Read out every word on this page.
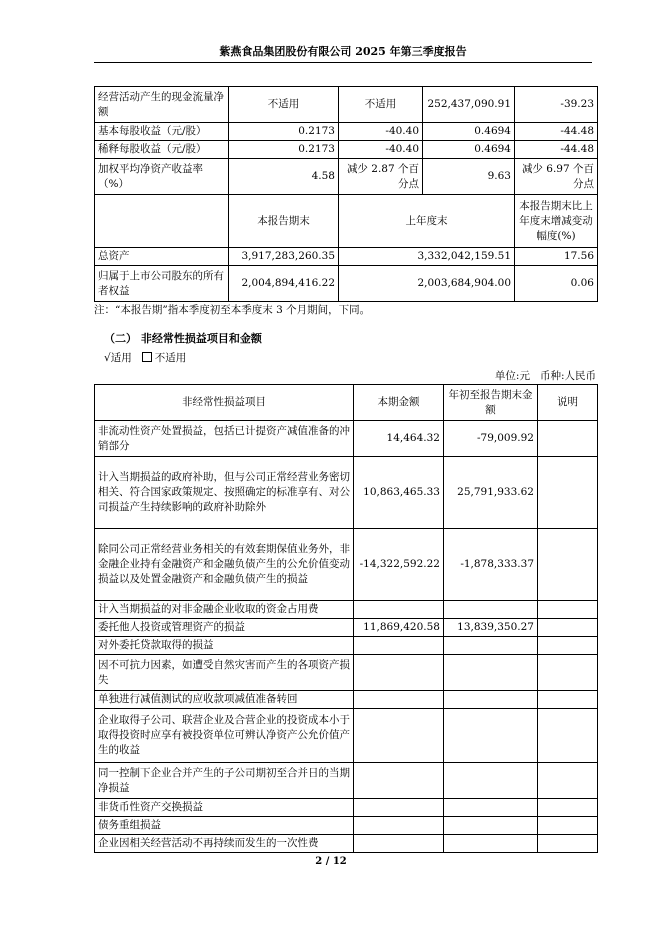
紫燕食品集团股份有限公司 2025 年第三季度报告
经营活动产生的现金流量净额	不适用	不适用	252,437,090.91	-39.23
基本每股收益（元/股）	0.2173	-40.40	0.4694	-44.48
稀释每股收益（元/股）	0.2173	-40.40	0.4694	-44.48
加权平均净资产收益率（%）	4.58	减少 2.87 个百分点	9.63	减少 6.97 个百分点
	本报告期末	上年度末		本报告期末比上年度末增减变动幅度(%)
总资产	3,917,283,260.35	3,332,042,159.51		17.56
归属于上市公司股东的所有者权益	2,004,894,416.22	2,003,684,904.00		0.06
注：“本报告期”指本季度初至本季度末 3 个月期间，下同。
（二） 非经常性损益项目和金额
√适用 不适用
单位:元 币种:人民币
非经常性损益项目	本期金额	年初至报告期末金额	说明
非流动性资产处置损益，包括已计提资产减值准备的冲销部分	14,464.32	-79,009.92	
计入当期损益的政府补助，但与公司正常经营业务密切相关、符合国家政策规定、按照确定的标准享有、对公司损益产生持续影响的政府补助除外	10,863,465.33	25,791,933.62	
除同公司正常经营业务相关的有效套期保值业务外，非金融企业持有金融资产和金融负债产生的公允价值变动损益以及处置金融资产和金融负债产生的损益	-14,322,592.22	-1,878,333.37	
计入当期损益的对非金融企业收取的资金占用费			
委托他人投资或管理资产的损益	11,869,420.58	13,839,350.27	
对外委托贷款取得的损益			
因不可抗力因素，如遭受自然灾害而产生的各项资产损失			
单独进行减值测试的应收款项减值准备转回			
企业取得子公司、联营企业及合营企业的投资成本小于取得投资时应享有被投资单位可辨认净资产公允价值产生的收益			
同一控制下企业合并产生的子公司期初至合并日的当期净损益			
非货币性资产交换损益			
债务重组损益			
企业因相关经营活动不再持续而发生的一次性费			
2 / 12
